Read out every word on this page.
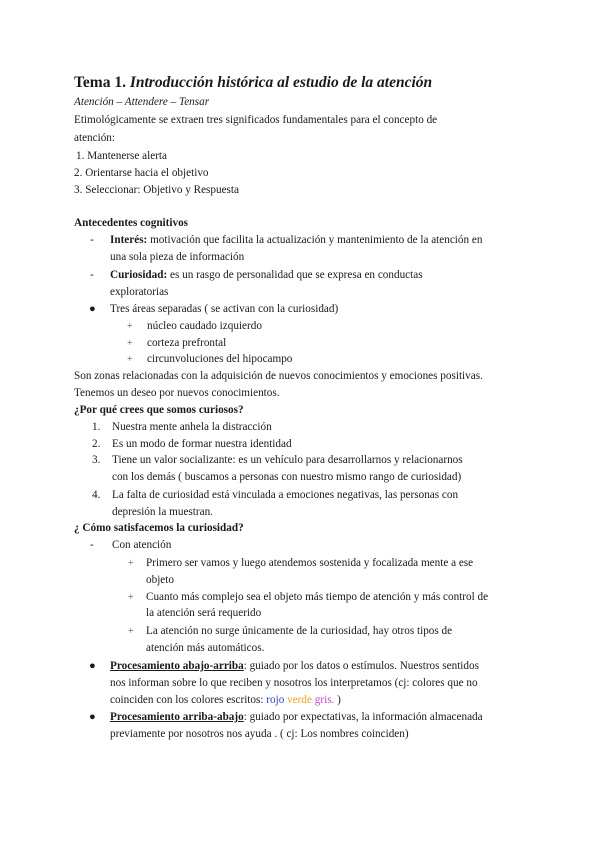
Tema 1. Introducción histórica al estudio de la atención
Atención – Attendere – Tensar
Etimológicamente se extraen tres significados fundamentales para el concepto de
atención:
1. Mantenerse alerta
2. Orientarse hacia el objetivo
3. Seleccionar: Objetivo y Respuesta
Antecedentes cognitivos
- Interés: motivación que facilita la actualización y mantenimiento de la atención en
una sola pieza de información
- Curiosidad: es un rasgo de personalidad que se expresa en conductas
exploratorias
● Tres áreas separadas ( se activan con la curiosidad)
+ núcleo caudado izquierdo
+ corteza prefrontal
+ circunvoluciones del hipocampo
Son zonas relacionadas con la adquisición de nuevos conocimientos y emociones positivas.
Tenemos un deseo por nuevos conocimientos.
¿Por qué crees que somos curiosos?
1. Nuestra mente anhela la distracción
2. Es un modo de formar nuestra identidad
3. Tiene un valor socializante: es un vehículo para desarrollarnos y relacionarnos
con los demás ( buscamos a personas con nuestro mismo rango de curiosidad)
4. La falta de curiosidad está vinculada a emociones negativas, las personas con
depresión la muestran.
¿ Cómo satisfacemos la curiosidad?
- Con atención
+ Primero ser vamos y luego atendemos sostenida y focalizada mente a ese
objeto
+ Cuanto más complejo sea el objeto más tiempo de atención y más control de
la atención será requerido
+ La atención no surge únicamente de la curiosidad, hay otros tipos de
atención más automáticos.
● Procesamiento abajo-arriba: guiado por los datos o estímulos. Nuestros sentidos
nos informan sobre lo que reciben y nosotros los interpretamos (cj: colores que no
coinciden con los colores escritos: rojo verde gris. )
● Procesamiento arriba-abajo: guiado por expectativas, la información almacenada
previamente por nosotros nos ayuda . ( cj: Los nombres coinciden)
